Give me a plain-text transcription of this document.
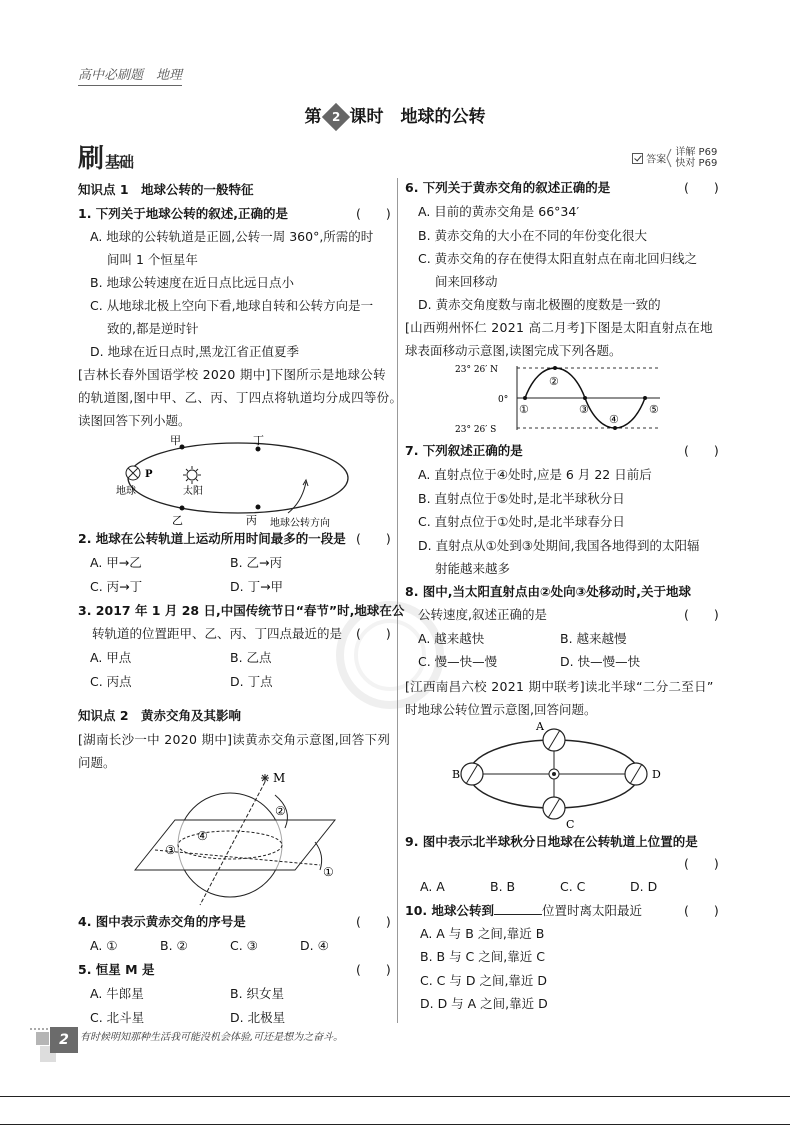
高中必刷题　地理
第 2 课时　地球的公转
刷基础	答案 详解 P69
快对 P69
知识点 1　地球公转的一般特征
1. 下列关于地球公转的叙述,正确的是	(　　)
A. 地球的公转轨道是正圆,公转一周 360°,所需的时
间叫 1 个恒星年
B. 地球公转速度在近日点比远日点小
C. 从地球北极上空向下看,地球自转和公转方向是一
致的,都是逆时针
D. 地球在近日点时,黑龙江省正值夏季
[吉林长春外国语学校 2020 期中]下图所示是地球公转
的轨道图,图中甲、乙、丙、丁四点将轨道均分成四等份。
读图回答下列小题。
甲	丁
乙	丙
P
地球	太阳
地球公转方向
2. 地球在公转轨道上运动所用时间最多的一段是 (　　)
A. 甲→乙	B. 乙→丙
C. 丙→丁	D. 丁→甲
3. 2017 年 1 月 28 日,中国传统节日“春节”时,地球在公
转轨道的位置距甲、乙、丙、丁四点最近的是 (　　)
A. 甲点	B. 乙点
C. 丙点	D. 丁点
知识点 2　黄赤交角及其影响
[湖南长沙一中 2020 期中]读黄赤交角示意图,回答下列
问题。
M
②
④
③
①
4. 图中表示黄赤交角的序号是	(　　)
A. ①	B. ②	C. ③	D. ④
5. 恒星 M 是	(　　)
A. 牛郎星	B. 织女星
C. 北斗星	D. 北极星
6. 下列关于黄赤交角的叙述正确的是	(　　)
A. 目前的黄赤交角是 66°34′
B. 黄赤交角的大小在不同的年份变化很大
C. 黄赤交角的存在使得太阳直射点在南北回归线之
间来回移动
D. 黄赤交角度数与南北极圈的度数是一致的
[山西朔州怀仁 2021 高二月考]下图是太阳直射点在地
球表面移动示意图,读图完成下列各题。
23° 26′ N
0°
23° 26′ S
①
②
③
④
⑤
7. 下列叙述正确的是	(　　)
A. 直射点位于④处时,应是 6 月 22 日前后
B. 直射点位于⑤处时,是北半球秋分日
C. 直射点位于①处时,是北半球春分日
D. 直射点从①处到③处期间,我国各地得到的太阳辐
射能越来越多
8. 图中,当太阳直射点由②处向③处移动时,关于地球
公转速度,叙述正确的是	(　　)
A. 越来越快	B. 越来越慢
C. 慢—快—慢	D. 快—慢—快
[江西南昌六校 2021 期中联考]读北半球“二分二至日”
时地球公转位置示意图,回答问题。
A
B
C
D
9. 图中表示北半球秋分日地球在公转轨道上位置的是
(　　)
A. A	B. B	C. C	D. D
10. 地球公转到	位置时离太阳最近	(　　)
A. A 与 B 之间,靠近 B
B. B 与 C 之间,靠近 C
C. C 与 D 之间,靠近 D
D. D 与 A 之间,靠近 D
2	有时候明知那种生活我可能没机会体验,可还是想为之奋斗。
